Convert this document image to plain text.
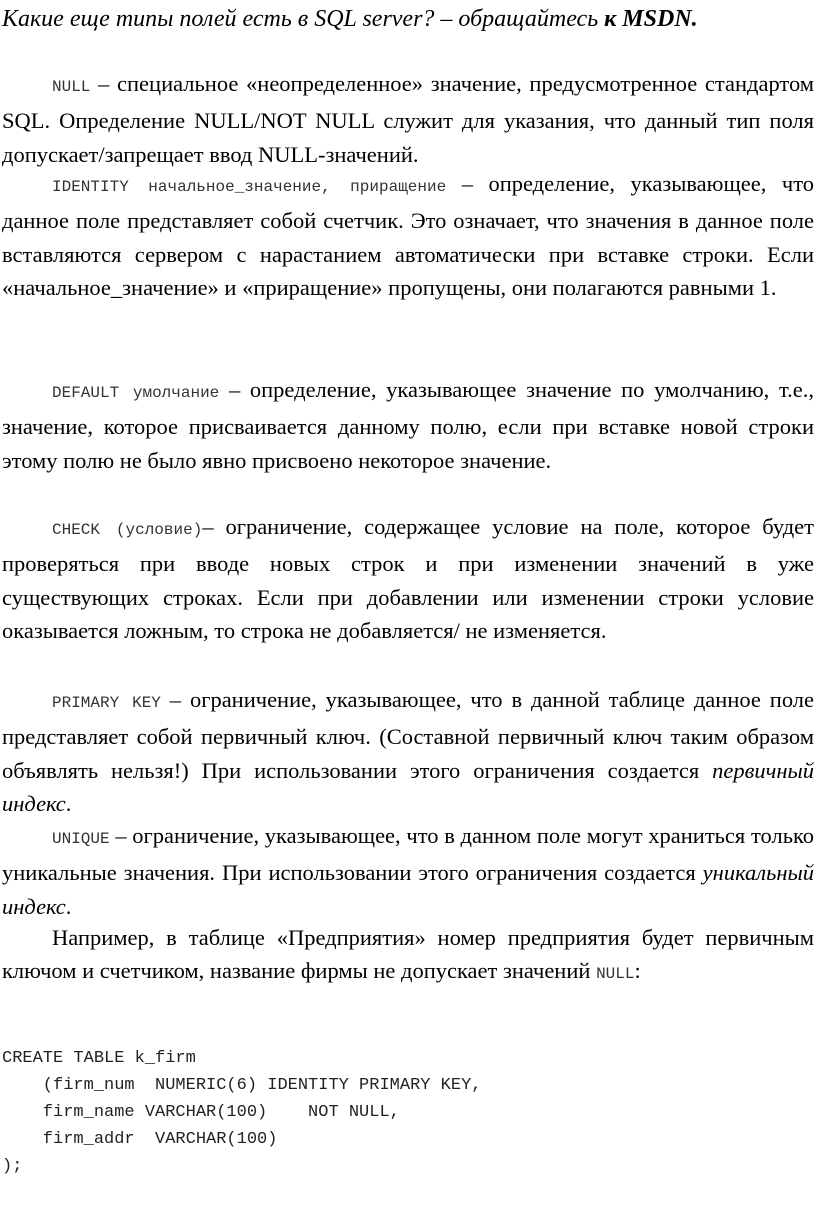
Какие еще типы полей есть в SQL server? – обращайтесь к MSDN.

NULL – специальное «неопределенное» значение, предусмотренное стандартом SQL. Определение NULL/NOT NULL служит для указания, что данный тип поля допускает/запрещает ввод NULL-значений.

IDENTITY начальное_значение, приращение – определение, указывающее, что данное поле представляет собой счетчик. Это означает, что значения в данное поле вставляются сервером с нарастанием автоматически при вставке строки. Если «начальное_значение» и «приращение» пропущены, они полагаются равными 1.

DEFAULT умолчание – определение, указывающее значение по умолчанию, т.е., значение, которое присваивается данному полю, если при вставке новой строки этому полю не было явно присвоено некоторое значение.

CHECK (условие)– ограничение, содержащее условие на поле, которое будет проверяться при вводе новых строк и при изменении значений в уже существующих строках. Если при добавлении или изменении строки условие оказывается ложным, то строка не добавляется/ не изменяется.

PRIMARY KEY – ограничение, указывающее, что в данной таблице данное поле представляет собой первичный ключ. (Составной первичный ключ таким образом объявлять нельзя!) При использовании этого ограничения создается первичный индекс.

UNIQUE – ограничение, указывающее, что в данном поле могут храниться только уникальные значения. При использовании этого ограничения создается уникальный индекс.

Например, в таблице «Предприятия» номер предприятия будет первичным ключом и счетчиком, название фирмы не допускает значений NULL:

CREATE TABLE k_firm
(firm_num  NUMERIC(6) IDENTITY PRIMARY KEY,
firm_name VARCHAR(100)    NOT NULL,
firm_addr  VARCHAR(100)
);
